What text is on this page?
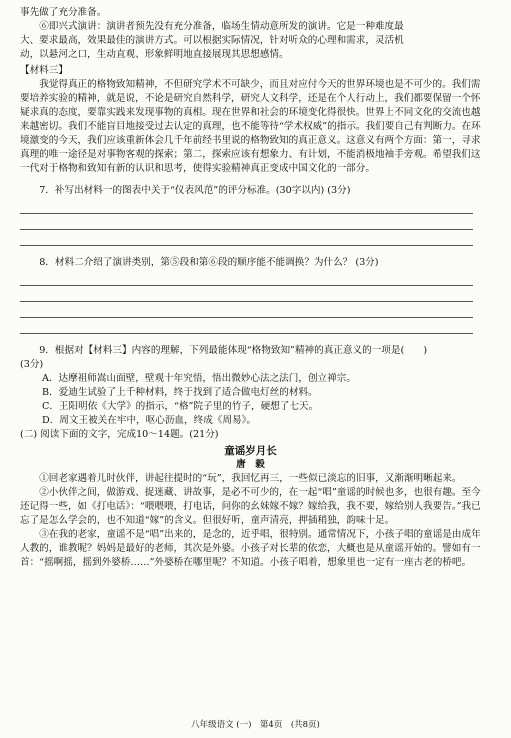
事先做了充分准备。

⑥即兴式演讲：演讲者预先没有充分准备，临场生情动意所发的演讲。它是一种难度最

大、要求最高，效果最佳的演讲方式。可以根据实际情况，针对听众的心理和需求，灵活机

动，以悬河之口，生动直观、形象鲜明地直接展现其思想感情。

【材料三】

我觉得真正的格物致知精神，不但研究学术不可缺少，而且对应付今天的世界环境也是不可少的。我们需要培养实验的精神，就是说，不论是研究自然科学，研究人文科学，还是在个人行动上，我们都要保留一个怀疑求真的态度，要靠实践来发现事物的真相。现在世界和社会的环境变化得很快。世界上不同文化的交流也越来越密切。我们不能盲目地接受过去认定的真理，也不能等待“学术权威”的指示。我们要自己有判断力。在环境激变的今天，我们应该重新体会几千年前经书里说的格物致知的真正意义。这意义有两个方面：第一，寻求真理的唯一途径是对事物客观的探索；第二，探索应该有想象力、有计划，不能消极地袖手旁观。希望我们这一代对于格物和致知有新的认识和思考，使得实验精神真正变成中国文化的一部分。

7．补写出材料一的图表中关于“仪表风范”的评分标准。(30字以内) (3分)

8．材料二介绍了演讲类别，第⑤段和第⑥段的顺序能不能调换？为什么？ (3分)

9．根据对【材料三】内容的理解，下列最能体现“格物致知”精神的真正意义的一项是(　　)

(3分)

A．达摩祖师嵩山面壁，壁观十年究悟，悟出微妙心法之法门，创立禅宗。

B．爱迪生试验了上千种材料，终于找到了适合做电灯丝的材料。

C．王阳明依《大学》的指示，“格”院子里的竹子，硬想了七天。

D．周文王被关在牢中，呕心沥血，终成《周易》。

(二) 阅读下面的文字，完成10～14题。(21分)

童谣岁月长

唐　毅

①回老家遇着儿时伙伴，讲起往提时的“玩”，我回忆再三，一些似已淡忘的旧事，又渐渐明晰起来。

②小伙伴之间，做游戏、捉迷藏、讲故事，是必不可少的，在一起“唱”童谣的时候也多，也很有趣。至今还记得一些，如《打电话》：“喂喂喂，打电话，问你的幺妹嫁不嫁？嫁给我，我不要，嫁给别人我要告。”我已忘了是怎么学会的，也不知道“嫁”的含义。但很好听，童声清亮，押插稍独，韵味十足。

③在我的老家，童谣不是“唱”出来的，是念的，近乎唱，很特别。通常情况下，小孩子唱的童谣是由成年人教的，谁教呢？妈妈是最好的老师，其次是外婆。小孩子对长辈的依恋，大概也是从童谣开始的。譬如有一首：“摇啊摇，摇到外婆桥……”外婆桥在哪里呢？不知道。小孩子唱着，想象里也一定有一座古老的桥吧。

八年级语文 (一)　第4页　(共8页)
